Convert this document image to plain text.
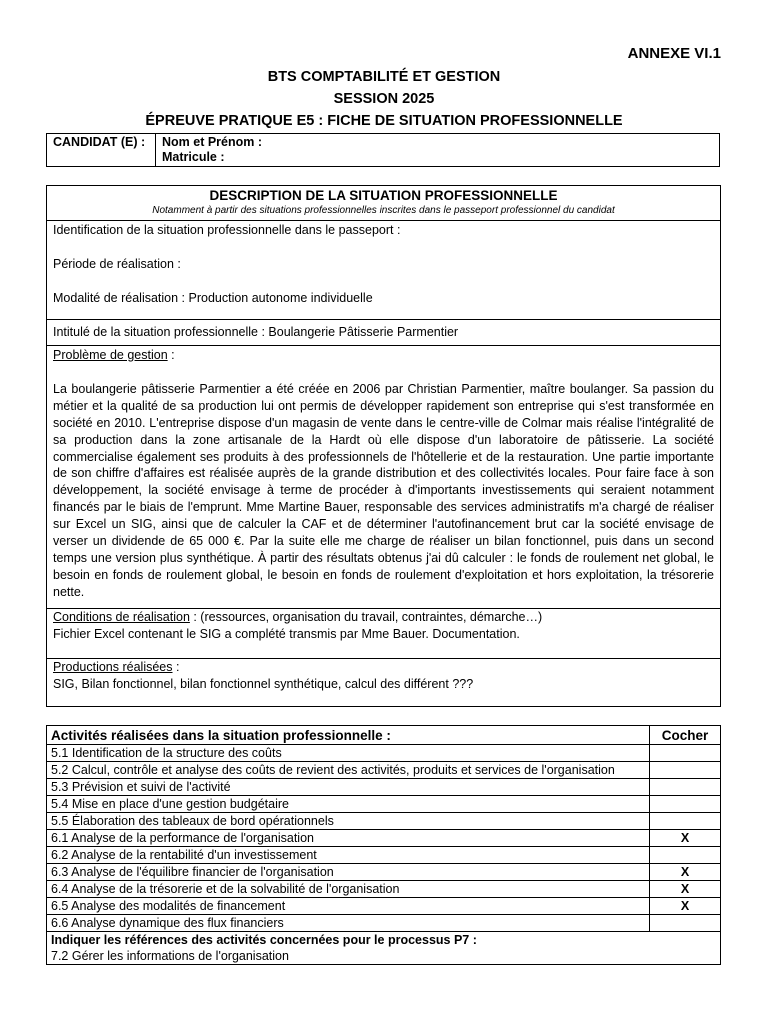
ANNEXE VI.1
BTS COMPTABILITÉ ET GESTION
SESSION 2025
ÉPREUVE PRATIQUE E5 : FICHE DE SITUATION PROFESSIONNELLE
CANDIDAT (E) :	Nom et Prénom :
Matricule :
DESCRIPTION DE LA SITUATION PROFESSIONNELLE
Notamment à partir des situations professionnelles inscrites dans le passeport professionnel du candidat

Identification de la situation professionnelle dans le passeport :

Période de réalisation :

Modalité de réalisation : Production autonome individuelle

Intitulé de la situation professionnelle : Boulangerie Pâtisserie Parmentier
Problème de gestion :
La boulangerie pâtisserie Parmentier a été créée en 2006 par Christian Parmentier, maître boulanger. Sa passion du métier et la qualité de sa production lui ont permis de développer rapidement son entreprise qui s'est transformée en société en 2010. L'entreprise dispose d'un magasin de vente dans le centre-ville de Colmar mais réalise l'intégralité de sa production dans la zone artisanale de la Hardt où elle dispose d'un laboratoire de pâtisserie. La société commercialise également ses produits à des professionnels de l'hôtellerie et de la restauration. Une partie importante de son chiffre d'affaires est réalisée auprès de la grande distribution et des collectivités locales. Pour faire face à son développement, la société envisage à terme de procéder à d'importants investissements qui seraient notamment financés par le biais de l'emprunt. Mme Martine Bauer, responsable des services administratifs m'a chargé de réaliser sur Excel un SIG, ainsi que de calculer la CAF et de déterminer l'autofinancement brut car la société envisage de verser un dividende de 65 000 €. Par la suite elle me charge de réaliser un bilan fonctionnel, puis dans un second temps une version plus synthétique. À partir des résultats obtenus j'ai dû calculer : le fonds de roulement net global, le besoin en fonds de roulement global, le besoin en fonds de roulement d'exploitation et hors exploitation, la trésorerie nette.
Conditions de réalisation : (ressources, organisation du travail, contraintes, démarche…)
Fichier Excel contenant le SIG a complété transmis par Mme Bauer. Documentation.
Productions réalisées :
SIG, Bilan fonctionnel, bilan fonctionnel synthétique, calcul des différent ???
Activités réalisées dans la situation professionnelle :	Cocher
5.1 Identification de la structure des coûts	
5.2 Calcul, contrôle et analyse des coûts de revient des activités, produits et services de l'organisation	
5.3 Prévision et suivi de l'activité	
5.4 Mise en place d'une gestion budgétaire	
5.5 Élaboration des tableaux de bord opérationnels	
6.1 Analyse de la performance de l'organisation	X
6.2 Analyse de la rentabilité d'un investissement	
6.3 Analyse de l'équilibre financier de l'organisation	X
6.4 Analyse de la trésorerie et de la solvabilité de l'organisation	X
6.5 Analyse des modalités de financement	X
6.6 Analyse dynamique des flux financiers	
Indiquer les références des activités concernées pour le processus P7 :	
7.2 Gérer les informations de l'organisation	
